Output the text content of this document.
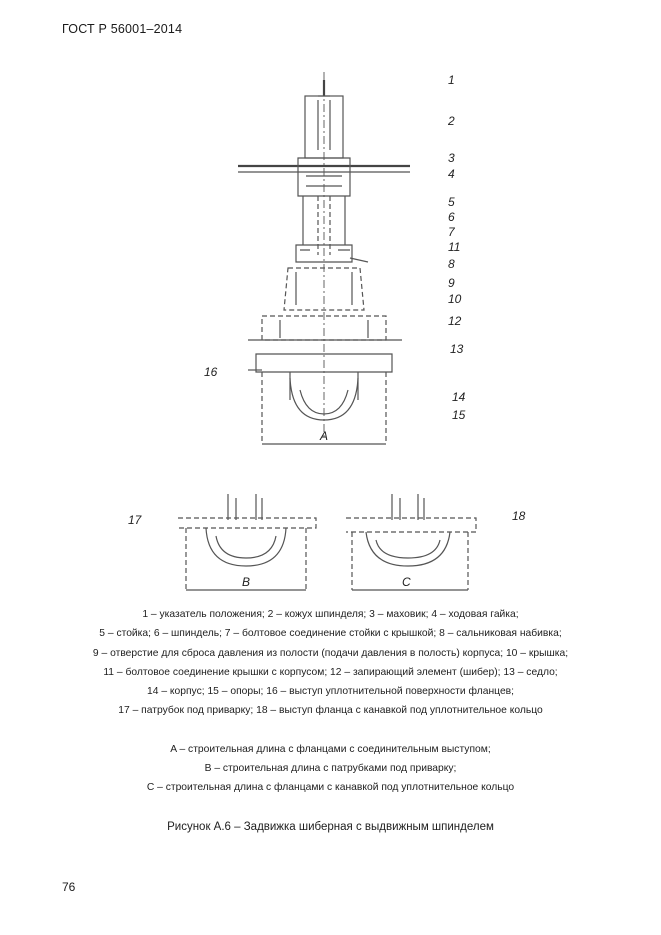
ГОСТ Р 56001–2014
1
2
3
4
5
6
7
11
8
9
10
12
13
14
15
16
17	18
A
B	C
1 – указатель положения; 2 – кожух шпинделя; 3 – маховик; 4 – ходовая гайка;
5 – стойка; 6 – шпиндель; 7 – болтовое соединение стойки с крышкой; 8 – сальниковая набивка;
9 – отверстие для сброса давления из полости (подачи давления в полость) корпуса; 10 – крышка;
11 – болтовое соединение крышки с корпусом; 12 – запирающий элемент (шибер); 13 – седло;
14 – корпус; 15 – опоры; 16 – выступ уплотнительной поверхности фланцев;
17 – патрубок под приварку; 18 – выступ фланца с канавкой под уплотнительное кольцо
A – строительная длина с фланцами с соединительным выступом;
B – строительная длина с патрубками под приварку;
C – строительная длина с фланцами с канавкой под уплотнительное кольцо
Рисунок А.6 – Задвижка шиберная с выдвижным шпинделем
76
